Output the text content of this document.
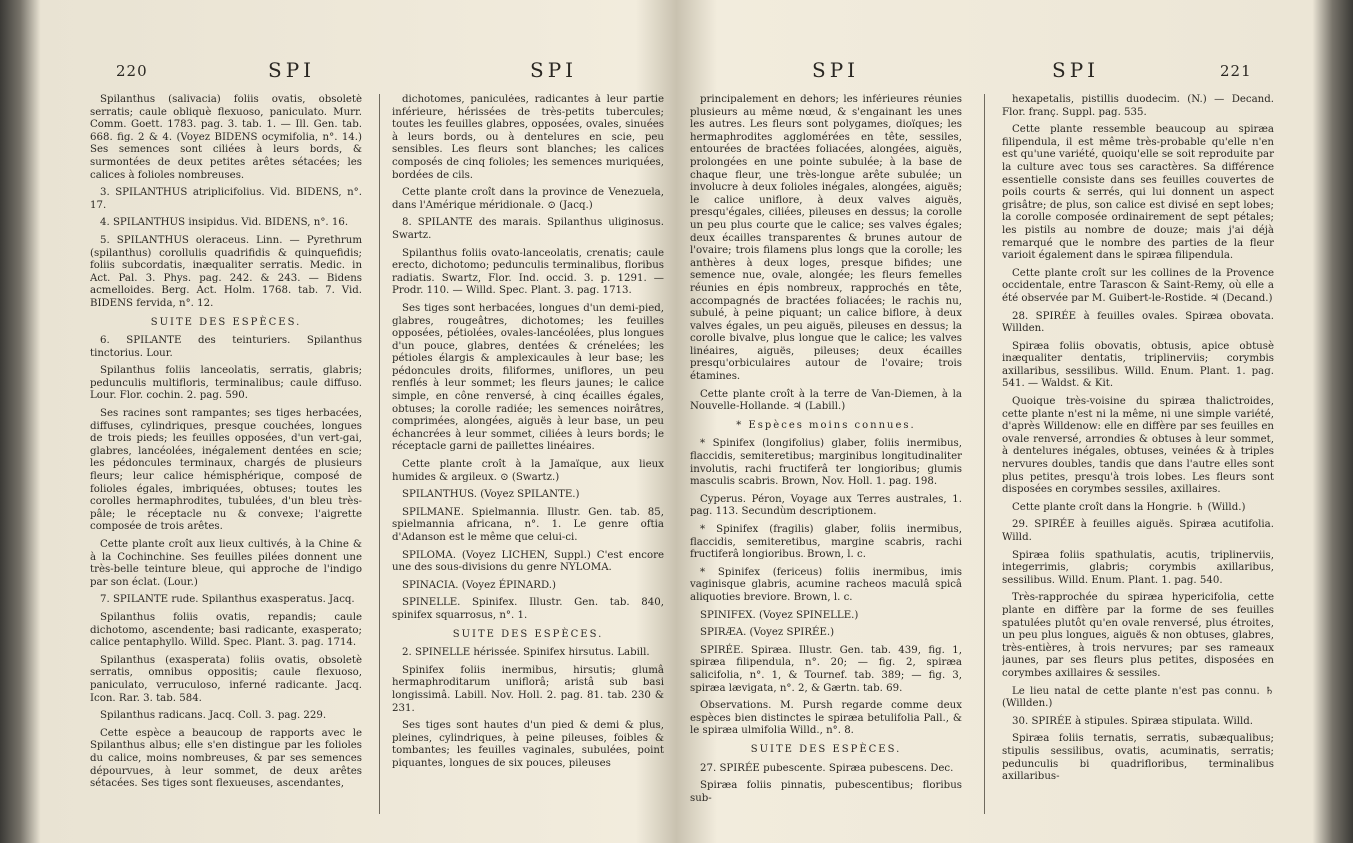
220	SPI	SPI

Spilanthus (salivacia) foliis ovatis, obsoletè serratis; caule obliquè flexuoso, paniculato. Murr. Comm. Goett. 1783. pag. 3. tab. 1. — Ill. Gen. tab. 668. fig. 2 & 4. (Voyez BIDENS ocymifolia, n°. 14.) Ses semences sont ciliées à leurs bords, & surmontées de deux petites arêtes sétacées; les calices à folioles nombreuses.

3. SPILANTHUS atriplicifolius. Vid. BIDENS, n°. 17.

4. SPILANTHUS insipidus. Vid. BIDENS, n°. 16.

5. SPILANTHUS oleraceus. Linn. — Pyrethrum (spilanthus) corollulis quadrifidis & quinquefidis; foliis subcordatis, inæqualiter serratis. Medic. in Act. Pal. 3. Phys. pag. 242. & 243. — Bidens acmelloides. Berg. Act. Holm. 1768. tab. 7. Vid. BIDENS fervida, n°. 12.

SUITE DES ESPÈCES.

6. SPILANTE des teinturiers. Spilanthus tinctorius. Lour.

Spilanthus foliis lanceolatis, serratis, glabris; pedunculis multifloris, terminalibus; caule diffuso. Lour. Flor. cochin. 2. pag. 590.

Ses racines sont rampantes; ses tiges herbacées, diffuses, cylindriques, presque couchées, longues de trois pieds; les feuilles opposées, d'un vert-gai, glabres, lancéolées, inégalement dentées en scie; les pédoncules terminaux, chargés de plusieurs fleurs; leur calice hémisphérique, composé de folioles égales, imbriquées, obtuses; toutes les corolles hermaphrodites, tubulées, d'un bleu très-pâle; le réceptacle nu & convexe; l'aigrette composée de trois arêtes.

Cette plante croît aux lieux cultivés, à la Chine & à la Cochinchine. Ses feuilles pilées donnent une très-belle teinture bleue, qui approche de l'indigo par son éclat. (Lour.)

7. SPILANTE rude. Spilanthus exasperatus. Jacq.

Spilanthus foliis ovatis, repandis; caule dichotomo, ascendente; basi radicante, exasperato; calice pentaphyllo. Willd. Spec. Plant. 3. pag. 1714.

Spilanthus (exasperata) foliis ovatis, obsoletè serratis, omnibus oppositis; caule flexuoso, paniculato, verruculoso, inferné radicante. Jacq. Icon. Rar. 3. tab. 584.

Spilanthus radicans. Jacq. Coll. 3. pag. 229.

Cette espèce a beaucoup de rapports avec le Spilanthus albus; elle s'en distingue par les folioles du calice, moins nombreuses, & par ses semences dépourvues, à leur sommet, de deux arêtes sétacées. Ses tiges sont flexueuses, ascendantes,

dichotomes, paniculées, radicantes à leur partie inférieure, hérissées de très-petits tubercules; toutes les feuilles glabres, opposées, ovales, sinuées à leurs bords, ou à dentelures en scie, peu sensibles. Les fleurs sont blanches; les calices composés de cinq folioles; les semences muriquées, bordées de cils.

Cette plante croît dans la province de Venezuela, dans l'Amérique méridionale. ⊙ (Jacq.)

8. SPILANTE des marais. Spilanthus uliginosus. Swartz.

Spilanthus foliis ovato-lanceolatis, crenatis; caule erecto, dichotomo; pedunculis terminalibus, floribus radiatis. Swartz, Flor. Ind. occid. 3. p. 1291. — Prodr. 110. — Willd. Spec. Plant. 3. pag. 1713.

Ses tiges sont herbacées, longues d'un demi-pied, glabres, rougeâtres, dichotomes; les feuilles opposées, pétiolées, ovales-lancéolées, plus longues d'un pouce, glabres, dentées & crénelées; les pétioles élargis & amplexicaules à leur base; les pédoncules droits, filiformes, uniflores, un peu renflés à leur sommet; les fleurs jaunes; le calice simple, en cône renversé, à cinq écailles égales, obtuses; la corolle radiée; les semences noirâtres, comprimées, alongées, aiguës à leur base, un peu échancrées à leur sommet, ciliées à leurs bords; le réceptacle garni de paillettes linéaires.

Cette plante croît à la Jamaïque, aux lieux humides & argileux. ⊙ (Swartz.)

SPILANTHUS. (Voyez SPILANTE.)

SPILMANE. Spielmannia. Illustr. Gen. tab. 85, spielmannia africana, n°. 1. Le genre oftia d'Adanson est le même que celui-ci.

SPILOMA. (Voyez LICHEN, Suppl.) C'est encore une des sous-divisions du genre NYLOMA.

SPINACIA. (Voyez ÉPINARD.)

SPINELLE. Spinifex. Illustr. Gen. tab. 840, spinifex squarrosus, n°. 1.

SUITE DES ESPÈCES.

2. SPINELLE hérissée. Spinifex hirsutus. Labill.

Spinifex foliis inermibus, hirsutis; glumâ hermaphroditarum uniflorâ; aristâ sub basi longissimâ. Labill. Nov. Holl. 2. pag. 81. tab. 230 & 231.

Ses tiges sont hautes d'un pied & demi & plus, pleines, cylindriques, à peine pileuses, foibles & tombantes; les feuilles vaginales, subulées, point piquantes, longues de six pouces, pileuses

SPI	SPI	221

principalement en dehors; les inférieures réunies plusieurs au même nœud, & s'engainant les unes les autres. Les fleurs sont polygames, dioïques; les hermaphrodites agglomérées en tête, sessiles, entourées de bractées foliacées, alongées, aiguës, prolongées en une pointe subulée; à la base de chaque fleur, une très-longue arête subulée; un involucre à deux folioles inégales, alongées, aiguës; le calice uniflore, à deux valves aiguës, presqu'égales, ciliées, pileuses en dessus; la corolle un peu plus courte que le calice; ses valves égales; deux écailles transparentes & brunes autour de l'ovaire; trois filamens plus longs que la corolle; les anthères à deux loges, presque bifides; une semence nue, ovale, alongée; les fleurs femelles réunies en épis nombreux, rapprochés en tête, accompagnés de bractées foliacées; le rachis nu, subulé, à peine piquant; un calice biflore, à deux valves égales, un peu aiguës, pileuses en dessus; la corolle bivalve, plus longue que le calice; les valves linéaires, aiguës, pileuses; deux écailles presqu'orbiculaires autour de l'ovaire; trois étamines.

Cette plante croît à la terre de Van-Diemen, à la Nouvelle-Hollande. ♃ (Labill.)

* Espèces moins connues.

* Spinifex (longifolius) glaber, foliis inermibus, flaccidis, semiteretibus; marginibus longitudinaliter involutis, rachi fructiferâ ter longioribus; glumis masculis scabris. Brown, Nov. Holl. 1. pag. 198.

Cyperus. Péron, Voyage aux Terres australes, 1. pag. 113. Secundùm descriptionem.

* Spinifex (fragilis) glaber, foliis inermibus, flaccidis, semiteretibus, margine scabris, rachi fructiferâ longioribus. Brown, l. c.

* Spinifex (fericeus) foliis inermibus, imis vaginisque glabris, acumine racheos maculâ spicâ aliquoties breviore. Brown, l. c.

SPINIFEX. (Voyez SPINELLE.)

SPIRÆA. (Voyez SPIRÉE.)

SPIRÉE. Spiræa. Illustr. Gen. tab. 439, fig. 1, spiræa filipendula, n°. 20; — fig. 2, spiræa salicifolia, n°. 1, & Tournef. tab. 389; — fig. 3, spiræa lævigata, n°. 2, & Gærtn. tab. 69.

Observations. M. Pursh regarde comme deux espèces bien distinctes le spiræa betulifolia Pall., & le spiræa ulmifolia Willd., n°. 8.

SUITE DES ESPÈCES.

27. SPIRÉE pubescente. Spiræa pubescens. Dec.

Spiræa foliis pinnatis, pubescentibus; floribus sub-

hexapetalis, pistillis duodecim. (N.) — Decand. Flor. franç. Suppl. pag. 535.

Cette plante ressemble beaucoup au spiræa filipendula, il est même très-probable qu'elle n'en est qu'une variété, quoiqu'elle se soit reproduite par la culture avec tous ses caractères. Sa différence essentielle consiste dans ses feuilles couvertes de poils courts & serrés, qui lui donnent un aspect grisâtre; de plus, son calice est divisé en sept lobes; la corolle composée ordinairement de sept pétales; les pistils au nombre de douze; mais j'ai déjà remarqué que le nombre des parties de la fleur varioit également dans le spiræa filipendula.

Cette plante croît sur les collines de la Provence occidentale, entre Tarascon & Saint-Remy, où elle a été observée par M. Guibert-le-Rostide. ♃ (Decand.)

28. SPIRÉE à feuilles ovales. Spiræa obovata. Willden.

Spiræa foliis obovatis, obtusis, apice obtusè inæqualiter dentatis, triplinerviis; corymbis axillaribus, sessilibus. Willd. Enum. Plant. 1. pag. 541. — Waldst. & Kit.

Quoique très-voisine du spiræa thalictroides, cette plante n'est ni la même, ni une simple variété, d'après Willdenow: elle en diffère par ses feuilles en ovale renversé, arrondies & obtuses à leur sommet, à dentelures inégales, obtuses, veinées & à triples nervures doubles, tandis que dans l'autre elles sont plus petites, presqu'à trois lobes. Les fleurs sont disposées en corymbes sessiles, axillaires.

Cette plante croît dans la Hongrie. ♄ (Willd.)

29. SPIRÉE à feuilles aiguës. Spiræa acutifolia. Willd.

Spiræa foliis spathulatis, acutis, triplinerviis, integerrimis, glabris; corymbis axillaribus, sessilibus. Willd. Enum. Plant. 1. pag. 540.

Très-rapprochée du spiræa hypericifolia, cette plante en diffère par la forme de ses feuilles spatulées plutôt qu'en ovale renversé, plus étroites, un peu plus longues, aiguës & non obtuses, glabres, très-entières, à trois nervures; par ses rameaux jaunes, par ses fleurs plus petites, disposées en corymbes axillaires & sessiles.

Le lieu natal de cette plante n'est pas connu. ♄ (Willden.)

30. SPIRÉE à stipules. Spiræa stipulata. Willd.

Spiræa foliis ternatis, serratis, subæqualibus; stipulis sessilibus, ovatis, acuminatis, serratis; pedunculis bi quadrifloribus, terminalibus axillaribus-
